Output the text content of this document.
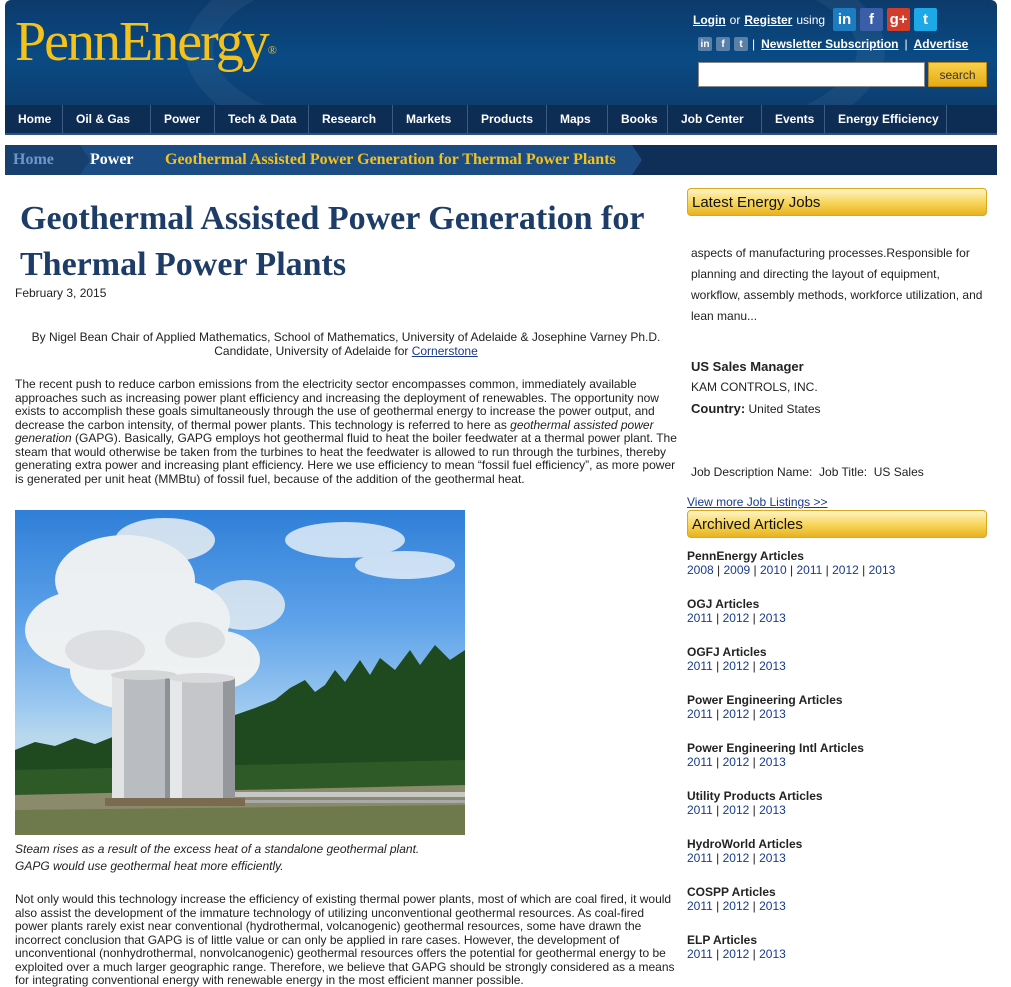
PennEnergy®
Login or Register using in	f	g+	t
in	f	t | Newsletter Subscription | Advertise
search
Home	Oil & Gas	Power	Tech & Data	Research	Markets	Products	Maps	Books	Job Center	Events	Energy Efficiency
Home Power Geothermal Assisted Power Generation for Thermal Power Plants
Geothermal Assisted Power Generation for Thermal Power Plants
February 3, 2015
By Nigel Bean Chair of Applied Mathematics, School of Mathematics, University of Adelaide & Josephine Varney Ph.D. Candidate, University of Adelaide for Cornerstone

The recent push to reduce carbon emissions from the electricity sector encompasses common, immediately available approaches such as increasing power plant efficiency and increasing the deployment of renewables. The opportunity now exists to accomplish these goals simultaneously through the use of geothermal energy to increase the power output, and decrease the carbon intensity, of thermal power plants. This technology is referred to here as geothermal assisted power generation (GAPG). Basically, GAPG employs hot geothermal fluid to heat the boiler feedwater at a thermal power plant. The steam that would otherwise be taken from the turbines to heat the feedwater is allowed to run through the turbines, thereby generating extra power and increasing plant efficiency. Here we use efficiency to mean “fossil fuel efficiency”, as more power is generated per unit heat (MMBtu) of fossil fuel, because of the addition of the geothermal heat.

Steam rises as a result of the excess heat of a standalone geothermal plant.
GAPG would use geothermal heat more efficiently.

Not only would this technology increase the efficiency of existing thermal power plants, most of which are coal fired, it would also assist the development of the immature technology of utilizing unconventional geothermal resources. As coal-fired power plants rarely exist near conventional (hydrothermal, volcanogenic) geothermal resources, some have drawn the incorrect conclusion that GAPG is of little value or can only be applied in rare cases. However, the development of unconventional (nonhydrothermal, nonvolcanogenic) geothermal resources offers the potential for geothermal energy to be exploited over a much larger geographic range. Therefore, we believe that GAPG should be strongly considered as a means for integrating conventional energy with renewable energy in the most efficient manner possible.

Latest Energy Jobs
aspects of manufacturing processes.Responsible for planning and directing the layout of equipment, workflow, assembly methods, workforce utilization, and lean manu...
US Sales Manager
KAM CONTROLS, INC.
Country: United States

Job Description Name:  Job Title:  US Sales

View more Job Listings >>
Archived Articles
PennEnergy Articles
2008 | 2009 | 2010 | 2011 | 2012 | 2013
OGJ Articles
2011 | 2012 | 2013
OGFJ Articles
2011 | 2012 | 2013
Power Engineering Articles
2011 | 2012 | 2013
Power Engineering Intl Articles
2011 | 2012 | 2013
Utility Products Articles
2011 | 2012 | 2013
HydroWorld Articles
2011 | 2012 | 2013
COSPP Articles
2011 | 2012 | 2013
ELP Articles
2011 | 2012 | 2013
